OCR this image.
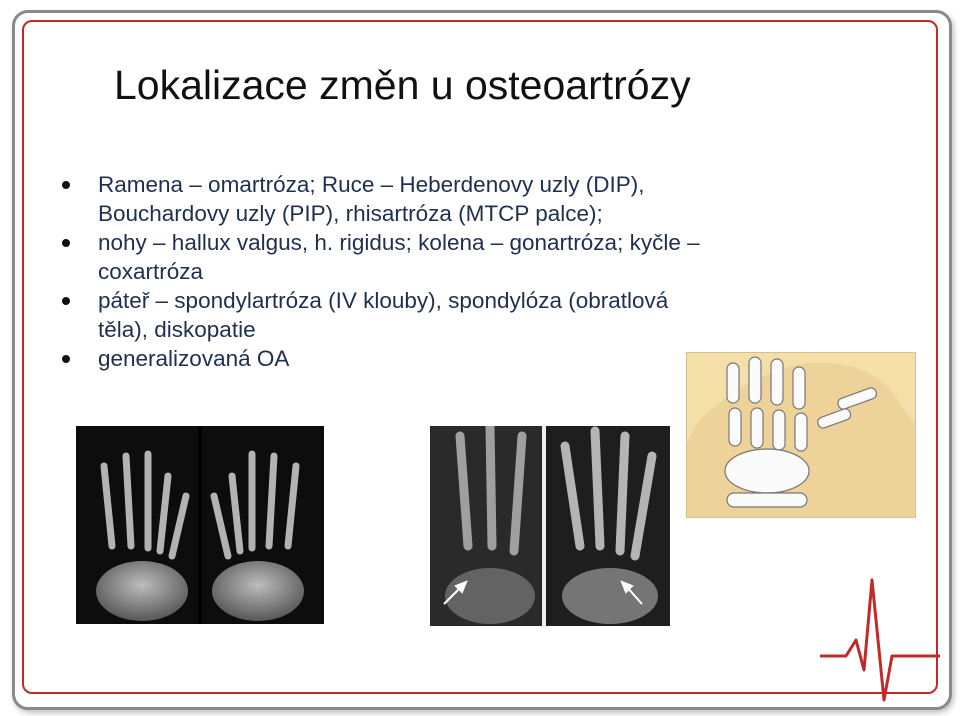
Lokalizace změn u osteoartrózy
Ramena – omartróza; Ruce – Heberdenovy uzly (DIP),
Bouchardovy uzly (PIP), rhisartróza (MTCP palce);
nohy – hallux valgus, h. rigidus; kolena – gonartróza; kyčle –
coxartróza
páteř – spondylartróza (IV klouby), spondylóza (obratlová
těla), diskopatie
generalizovaná OA
